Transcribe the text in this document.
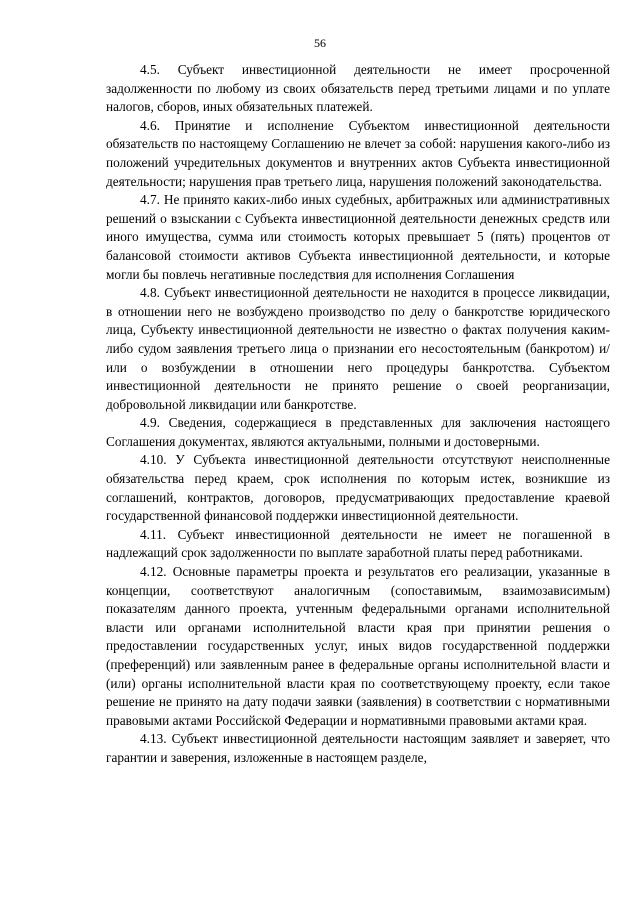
56

4.5. Субъект инвестиционной деятельности не имеет просроченной задолженности по любому из своих обязательств перед третьими лицами и по уплате налогов, сборов, иных обязательных платежей.

4.6. Принятие и исполнение Субъектом инвестиционной деятельности обязательств по настоящему Соглашению не влечет за собой: нарушения какого-либо из положений учредительных документов и внутренних актов Субъекта инвестиционной деятельности; нарушения прав третьего лица, нарушения положений законодательства.

4.7. Не принято каких-либо иных судебных, арбитражных или административных решений о взыскании с Субъекта инвестиционной деятельности денежных средств или иного имущества, сумма или стоимость которых превышает 5 (пять) процентов от балансовой стоимости активов Субъекта инвестиционной деятельности, и которые могли бы повлечь негативные последствия для исполнения Соглашения

4.8. Субъект инвестиционной деятельности не находится в процессе ликвидации, в отношении него не возбуждено производство по делу о банкротстве юридического лица, Субъекту инвестиционной деятельности не известно о фактах получения каким-либо судом заявления третьего лица о признании его несостоятельным (банкротом) и/или о возбуждении в отношении него процедуры банкротства. Субъектом инвестиционной деятельности не принято решение о своей реорганизации, добровольной ликвидации или банкротстве.

4.9. Сведения, содержащиеся в представленных для заключения настоящего Соглашения документах, являются актуальными, полными и достоверными.

4.10. У Субъекта инвестиционной деятельности отсутствуют неисполненные обязательства перед краем, срок исполнения по которым истек, возникшие из соглашений, контрактов, договоров, предусматривающих предоставление краевой государственной финансовой поддержки инвестиционной деятельности.

4.11. Субъект инвестиционной деятельности не имеет не погашенной в надлежащий срок задолженности по выплате заработной платы перед работниками.

4.12. Основные параметры проекта и результатов его реализации, указанные в концепции, соответствуют аналогичным (сопоставимым, взаимозависимым) показателям данного проекта, учтенным федеральными органами исполнительной власти или органами исполнительной власти края при принятии решения о предоставлении государственных услуг, иных видов государственной поддержки (преференций) или заявленным ранее в федеральные органы исполнительной власти и (или) органы исполнительной власти края по соответствующему проекту, если такое решение не принято на дату подачи заявки (заявления) в соответствии с нормативными правовыми актами Российской Федерации и нормативными правовыми актами края.

4.13. Субъект инвестиционной деятельности настоящим заявляет и заверяет, что гарантии и заверения, изложенные в настоящем разделе,
